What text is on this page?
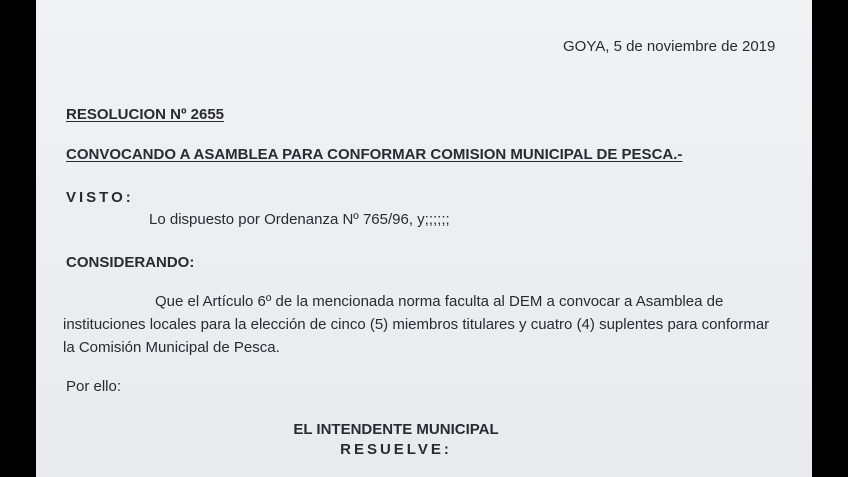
GOYA, 5 de noviembre de 2019
RESOLUCION Nº 2655
CONVOCANDO A ASAMBLEA PARA CONFORMAR COMISION MUNICIPAL DE PESCA.-
VISTO:
Lo dispuesto por Ordenanza Nº 765/96, y;;;;;;
CONSIDERANDO:

Que el Artículo 6º de la mencionada norma faculta al DEM a convocar a Asamblea de

instituciones locales para la elección de cinco (5) miembros titulares y cuatro (4) suplentes para conformar

la Comisión Municipal de Pesca.

Por ello:
EL INTENDENTE MUNICIPAL
RESUELVE:
